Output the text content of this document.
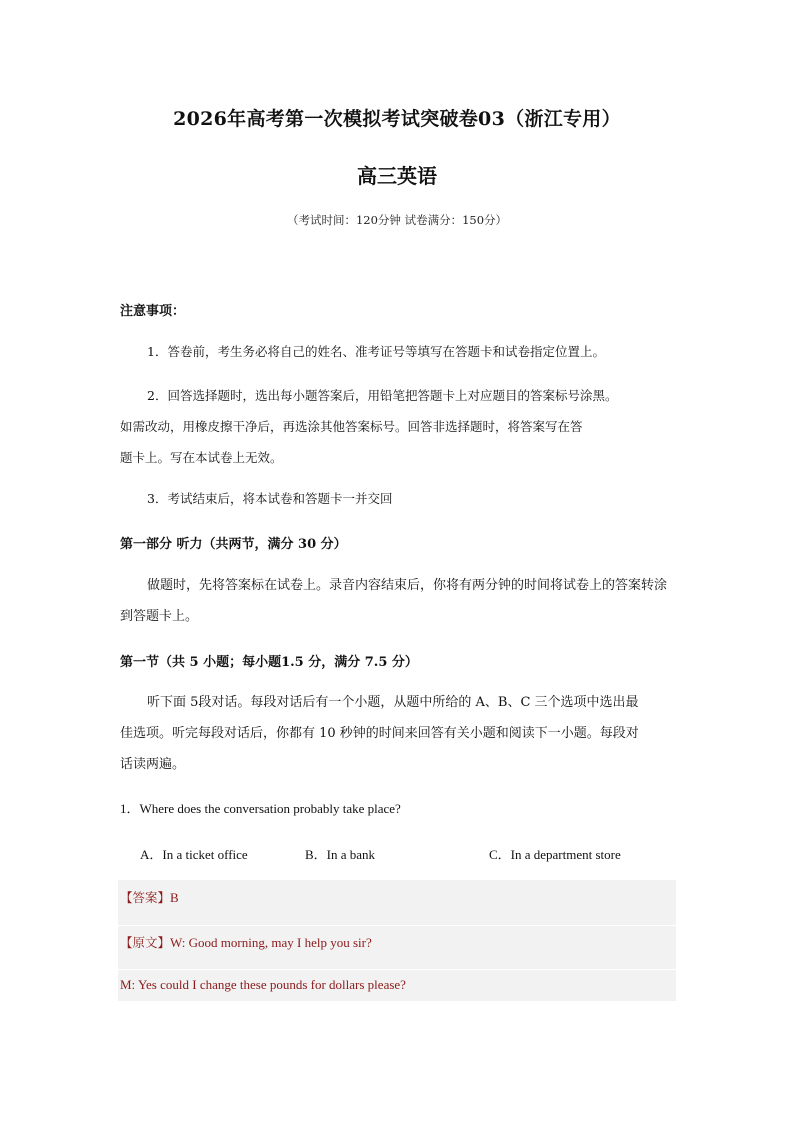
2026年高考第一次模拟考试突破卷03（浙江专用）
高三英语
（考试时间：120分钟 试卷满分：150分）
注意事项：
1．答卷前，考生务必将自己的姓名、准考证号等填写在答题卡和试卷指定位置上。
2．回答选择题时，选出每小题答案后，用铅笔把答题卡上对应题目的答案标号涂黑。
如需改动，用橡皮擦干净后，再选涂其他答案标号。回答非选择题时，将答案写在答
题卡上。写在本试卷上无效。
3．考试结束后，将本试卷和答题卡一并交回
第一部分 听力（共两节，满分 30 分）
做题时，先将答案标在试卷上。录音内容结束后，你将有两分钟的时间将试卷上的答案转涂
到答题卡上。
第一节（共 5 小题；每小题1.5 分，满分 7.5 分）
听下面 5段对话。每段对话后有一个小题，从题中所给的 A、B、C 三个选项中选出最
佳选项。听完每段对话后，你都有 10 秒钟的时间来回答有关小题和阅读下一小题。每段对
话读两遍。
1．Where does the conversation probably take place?
A．In a ticket office	B．In a bank	C．In a department store
【答案】B
【原文】W: Good morning, may I help you sir?
M: Yes could I change these pounds for dollars please?
